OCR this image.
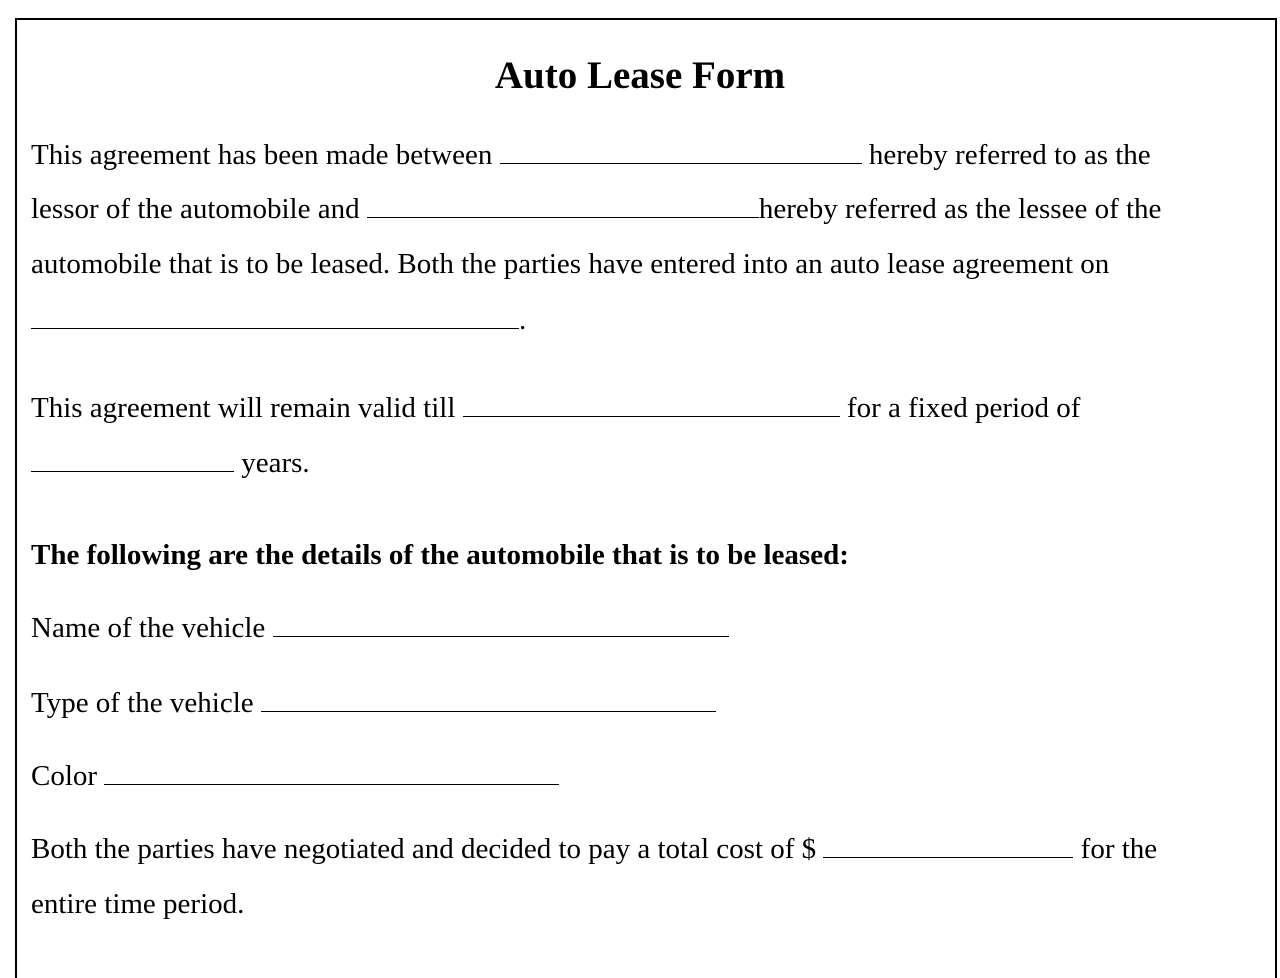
Auto Lease Form

This agreement has been made between	hereby referred to as the

lessor of the automobile and	hereby referred as the lessee of the

automobile that is to be leased. Both the parties have entered into an auto lease agreement on

.

This agreement will remain valid till	for a fixed period of

years.

The following are the details of the automobile that is to be leased:

Name of the vehicle

Type of the vehicle

Color

Both the parties have negotiated and decided to pay a total cost of $	for the

entire time period.
